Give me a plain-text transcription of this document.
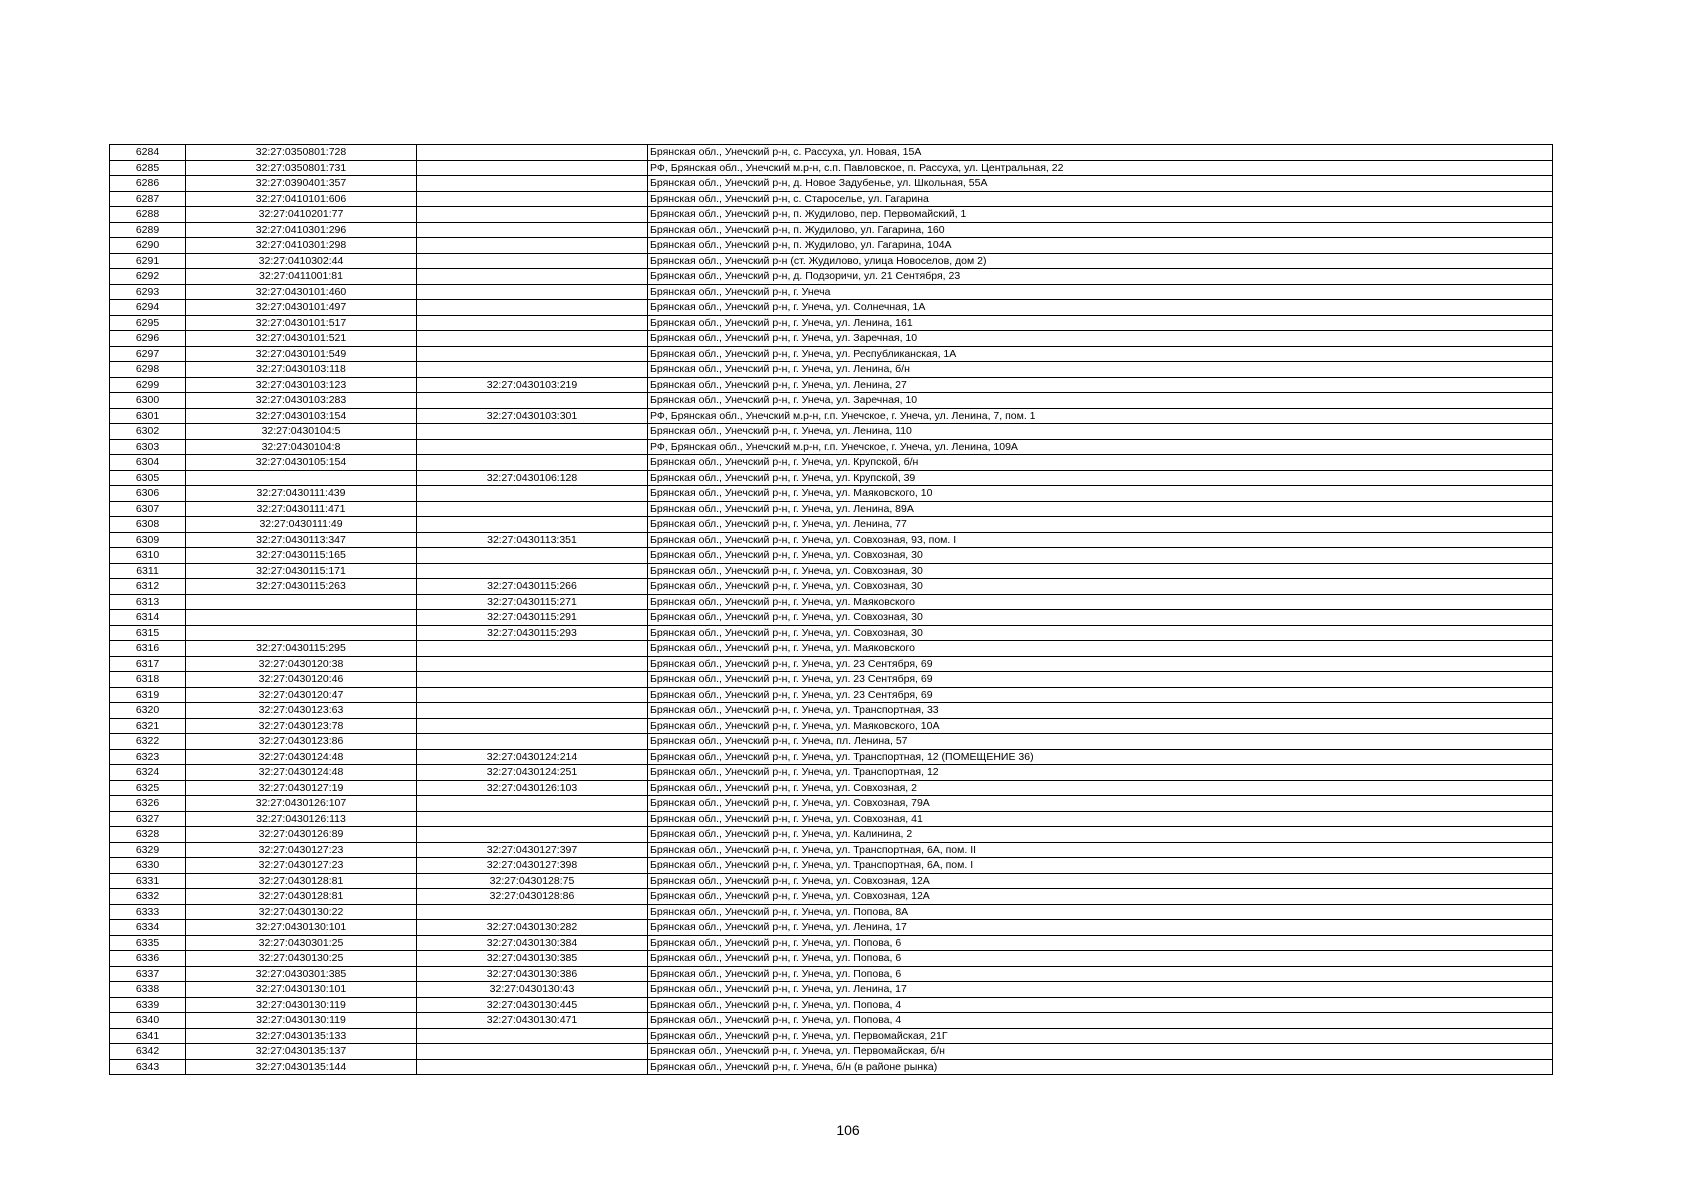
6284	32:27:0350801:728		Брянская обл., Унечский р-н, с. Рассуха, ул. Новая, 15А
6285	32:27:0350801:731		РФ, Брянская обл., Унечский м.р-н, с.п. Павловское, п. Рассуха, ул. Центральная, 22
6286	32:27:0390401:357		Брянская обл., Унечский р-н, д. Новое Задубенье, ул. Школьная, 55А
6287	32:27:0410101:606		Брянская обл., Унечский р-н, с. Староселье, ул. Гагарина
6288	32:27:0410201:77		Брянская обл., Унечский р-н, п. Жудилово, пер. Первомайский, 1
6289	32:27:0410301:296		Брянская обл., Унечский р-н, п. Жудилово, ул. Гагарина, 160
6290	32:27:0410301:298		Брянская обл., Унечский р-н, п. Жудилово, ул. Гагарина, 104А
6291	32:27:0410302:44		Брянская обл., Унечский р-н (ст. Жудилово, улица Новоселов, дом 2)
6292	32:27:0411001:81		Брянская обл., Унечский р-н, д. Подзоричи, ул. 21 Сентября, 23
6293	32:27:0430101:460		Брянская обл., Унечский р-н, г. Унеча
6294	32:27:0430101:497		Брянская обл., Унечский р-н, г. Унеча, ул. Солнечная, 1А
6295	32:27:0430101:517		Брянская обл., Унечский р-н, г. Унеча, ул. Ленина, 161
6296	32:27:0430101:521		Брянская обл., Унечский р-н, г. Унеча, ул. Заречная, 10
6297	32:27:0430101:549		Брянская обл., Унечский р-н, г. Унеча, ул. Республиканская, 1А
6298	32:27:0430103:118		Брянская обл., Унечский р-н, г. Унеча, ул. Ленина, б/н
6299	32:27:0430103:123	32:27:0430103:219	Брянская обл., Унечский р-н, г. Унеча, ул. Ленина, 27
6300	32:27:0430103:283		Брянская обл., Унечский р-н, г. Унеча, ул. Заречная, 10
6301	32:27:0430103:154	32:27:0430103:301	РФ, Брянская обл., Унечский м.р-н, г.п. Унечское, г. Унеча, ул. Ленина, 7, пом. 1
6302	32:27:0430104:5		Брянская обл., Унечский р-н, г. Унеча, ул. Ленина, 110
6303	32:27:0430104:8		РФ, Брянская обл., Унечский м.р-н, г.п. Унечское, г. Унеча, ул. Ленина, 109А
6304	32:27:0430105:154		Брянская обл., Унечский р-н, г. Унеча, ул. Крупской, б/н
6305		32:27:0430106:128	Брянская обл., Унечский р-н, г. Унеча, ул. Крупской, 39
6306	32:27:0430111:439		Брянская обл., Унечский р-н, г. Унеча, ул. Маяковского, 10
6307	32:27:0430111:471		Брянская обл., Унечский р-н, г. Унеча, ул. Ленина, 89А
6308	32:27:0430111:49		Брянская обл., Унечский р-н, г. Унеча, ул. Ленина, 77
6309	32:27:0430113:347	32:27:0430113:351	Брянская обл., Унечский р-н, г. Унеча, ул. Совхозная, 93, пом. I
6310	32:27:0430115:165		Брянская обл., Унечский р-н, г. Унеча, ул. Совхозная, 30
6311	32:27:0430115:171		Брянская обл., Унечский р-н, г. Унеча, ул. Совхозная, 30
6312	32:27:0430115:263	32:27:0430115:266	Брянская обл., Унечский р-н, г. Унеча, ул. Совхозная, 30
6313		32:27:0430115:271	Брянская обл., Унечский р-н, г. Унеча, ул. Маяковского
6314		32:27:0430115:291	Брянская обл., Унечский р-н, г. Унеча, ул. Совхозная, 30
6315		32:27:0430115:293	Брянская обл., Унечский р-н, г. Унеча, ул. Совхозная, 30
6316	32:27:0430115:295		Брянская обл., Унечский р-н, г. Унеча, ул. Маяковского
6317	32:27:0430120:38		Брянская обл., Унечский р-н, г. Унеча, ул. 23 Сентября, 69
6318	32:27:0430120:46		Брянская обл., Унечский р-н, г. Унеча, ул. 23 Сентября, 69
6319	32:27:0430120:47		Брянская обл., Унечский р-н, г. Унеча, ул. 23 Сентября, 69
6320	32:27:0430123:63		Брянская обл., Унечский р-н, г. Унеча, ул. Транспортная, 33
6321	32:27:0430123:78		Брянская обл., Унечский р-н, г. Унеча, ул. Маяковского, 10А
6322	32:27:0430123:86		Брянская обл., Унечский р-н, г. Унеча, пл. Ленина, 57
6323	32:27:0430124:48	32:27:0430124:214	Брянская обл., Унечский р-н, г. Унеча, ул. Транспортная, 12 (ПОМЕЩЕНИЕ 36)
6324	32:27:0430124:48	32:27:0430124:251	Брянская обл., Унечский р-н, г. Унеча, ул. Транспортная, 12
6325	32:27:0430127:19	32:27:0430126:103	Брянская обл., Унечский р-н, г. Унеча, ул. Совхозная, 2
6326	32:27:0430126:107		Брянская обл., Унечский р-н, г. Унеча, ул. Совхозная, 79А
6327	32:27:0430126:113		Брянская обл., Унечский р-н, г. Унеча, ул. Совхозная, 41
6328	32:27:0430126:89		Брянская обл., Унечский р-н, г. Унеча, ул. Калинина, 2
6329	32:27:0430127:23	32:27:0430127:397	Брянская обл., Унечский р-н, г. Унеча, ул. Транспортная, 6А, пом. II
6330	32:27:0430127:23	32:27:0430127:398	Брянская обл., Унечский р-н, г. Унеча, ул. Транспортная, 6А, пом. I
6331	32:27:0430128:81	32:27:0430128:75	Брянская обл., Унечский р-н, г. Унеча, ул. Совхозная, 12А
6332	32:27:0430128:81	32:27:0430128:86	Брянская обл., Унечский р-н, г. Унеча, ул. Совхозная, 12А
6333	32:27:0430130:22		Брянская обл., Унечский р-н, г. Унеча, ул. Попова, 8А
6334	32:27:0430130:101	32:27:0430130:282	Брянская обл., Унечский р-н, г. Унеча, ул. Ленина, 17
6335	32:27:0430301:25	32:27:0430130:384	Брянская обл., Унечский р-н, г. Унеча, ул. Попова, 6
6336	32:27:0430130:25	32:27:0430130:385	Брянская обл., Унечский р-н, г. Унеча, ул. Попова, 6
6337	32:27:0430301:385	32:27:0430130:386	Брянская обл., Унечский р-н, г. Унеча, ул. Попова, 6
6338	32:27:0430130:101	32:27:0430130:43	Брянская обл., Унечский р-н, г. Унеча, ул. Ленина, 17
6339	32:27:0430130:119	32:27:0430130:445	Брянская обл., Унечский р-н, г. Унеча, ул. Попова, 4
6340	32:27:0430130:119	32:27:0430130:471	Брянская обл., Унечский р-н, г. Унеча, ул. Попова, 4
6341	32:27:0430135:133		Брянская обл., Унечский р-н, г. Унеча, ул. Первомайская, 21Г
6342	32:27:0430135:137		Брянская обл., Унечский р-н, г. Унеча, ул. Первомайская, б/н
6343	32:27:0430135:144		Брянская обл., Унечский р-н, г. Унеча, б/н (в районе рынка)
106
